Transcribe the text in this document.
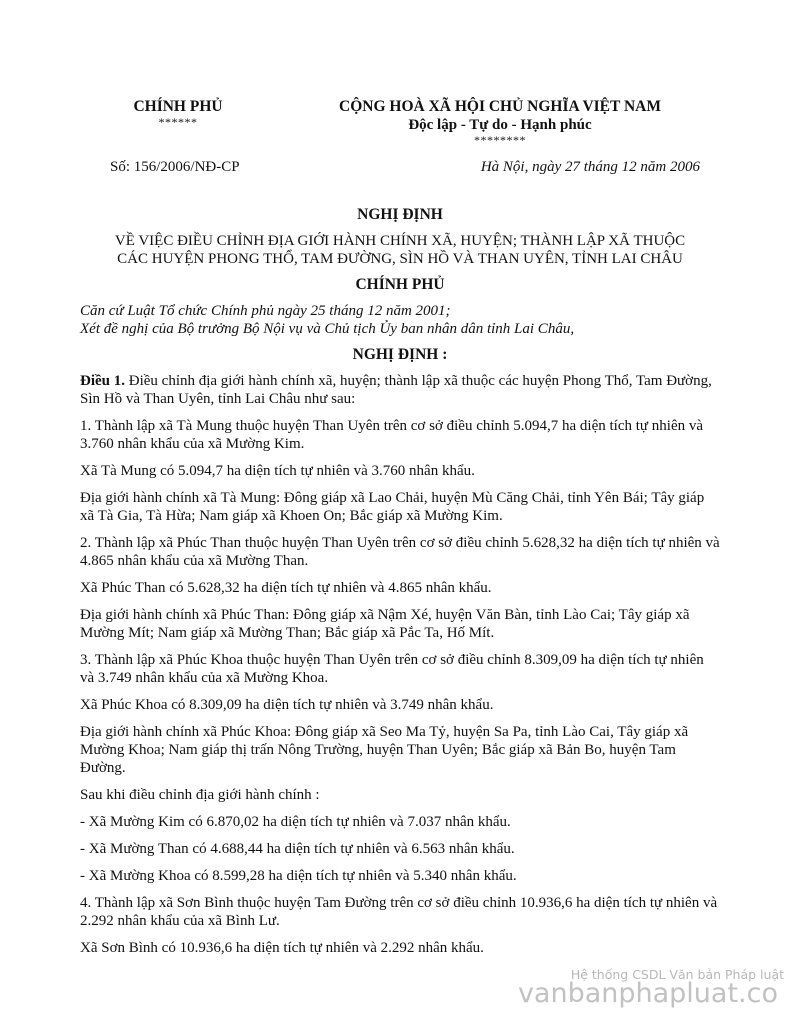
CHÍNH PHỦ
******
CỘNG HOÀ XÃ HỘI CHỦ NGHĨA VIỆT NAM
Độc lập - Tự do - Hạnh phúc
********
Số: 156/2006/NĐ-CP	Hà Nội, ngày 27 tháng 12 năm 2006
NGHỊ ĐỊNH
VỀ VIỆC ĐIỀU CHỈNH ĐỊA GIỚI HÀNH CHÍNH XÃ, HUYỆN; THÀNH LẬP XÃ THUỘC
CÁC HUYỆN PHONG THỔ, TAM ĐƯỜNG, SÌN HỒ VÀ THAN UYÊN, TỈNH LAI CHÂU
CHÍNH PHỦ

Căn cứ Luật Tổ chức Chính phủ ngày 25 tháng 12 năm 2001;

Xét đề nghị của Bộ trưởng Bộ Nội vụ và Chủ tịch Ủy ban nhân dân tỉnh Lai Châu,

NGHỊ ĐỊNH :

Điều 1. Điều chỉnh địa giới hành chính xã, huyện; thành lập xã thuộc các huyện Phong Thổ, Tam Đường, Sìn Hồ và Than Uyên, tỉnh Lai Châu như sau:

1. Thành lập xã Tà Mung thuộc huyện Than Uyên trên cơ sở điều chỉnh 5.094,7 ha diện tích tự nhiên và 3.760 nhân khẩu của xã Mường Kim.

Xã Tà Mung có 5.094,7 ha diện tích tự nhiên và 3.760 nhân khẩu.

Địa giới hành chính xã Tà Mung: Đông giáp xã Lao Chải, huyện Mù Căng Chải, tỉnh Yên Bái; Tây giáp xã Tà Gia, Tà Hừa; Nam giáp xã Khoen On; Bắc giáp xã Mường Kim.

2. Thành lập xã Phúc Than thuộc huyện Than Uyên trên cơ sở điều chỉnh 5.628,32 ha diện tích tự nhiên và 4.865 nhân khẩu của xã Mường Than.

Xã Phúc Than có 5.628,32 ha diện tích tự nhiên và 4.865 nhân khẩu.

Địa giới hành chính xã Phúc Than: Đông giáp xã Nậm Xé, huyện Văn Bàn, tỉnh Lào Cai; Tây giáp xã Mường Mít; Nam giáp xã Mường Than; Bắc giáp xã Pắc Ta, Hố Mít.

3. Thành lập xã Phúc Khoa thuộc huyện Than Uyên trên cơ sở điều chỉnh 8.309,09 ha diện tích tự nhiên và 3.749 nhân khẩu của xã Mường Khoa.

Xã Phúc Khoa có 8.309,09 ha diện tích tự nhiên và 3.749 nhân khẩu.

Địa giới hành chính xã Phúc Khoa: Đông giáp xã Seo Ma Tỷ, huyện Sa Pa, tỉnh Lào Cai, Tây giáp xã Mường Khoa; Nam giáp thị trấn Nông Trường, huyện Than Uyên; Bắc giáp xã Bản Bo, huyện Tam Đường.

Sau khi điều chỉnh địa giới hành chính :

- Xã Mường Kim có 6.870,02 ha diện tích tự nhiên và 7.037 nhân khẩu.

- Xã Mường Than có 4.688,44 ha diện tích tự nhiên và 6.563 nhân khẩu.

- Xã Mường Khoa có 8.599,28 ha diện tích tự nhiên và 5.340 nhân khẩu.

4. Thành lập xã Sơn Bình thuộc huyện Tam Đường trên cơ sở điều chỉnh 10.936,6 ha diện tích tự nhiên và 2.292 nhân khẩu của xã Bình Lư.

Xã Sơn Bình có 10.936,6 ha diện tích tự nhiên và 2.292 nhân khẩu.

Hệ thống CSDL Văn bản Pháp luật
vanbanphapluat.co
